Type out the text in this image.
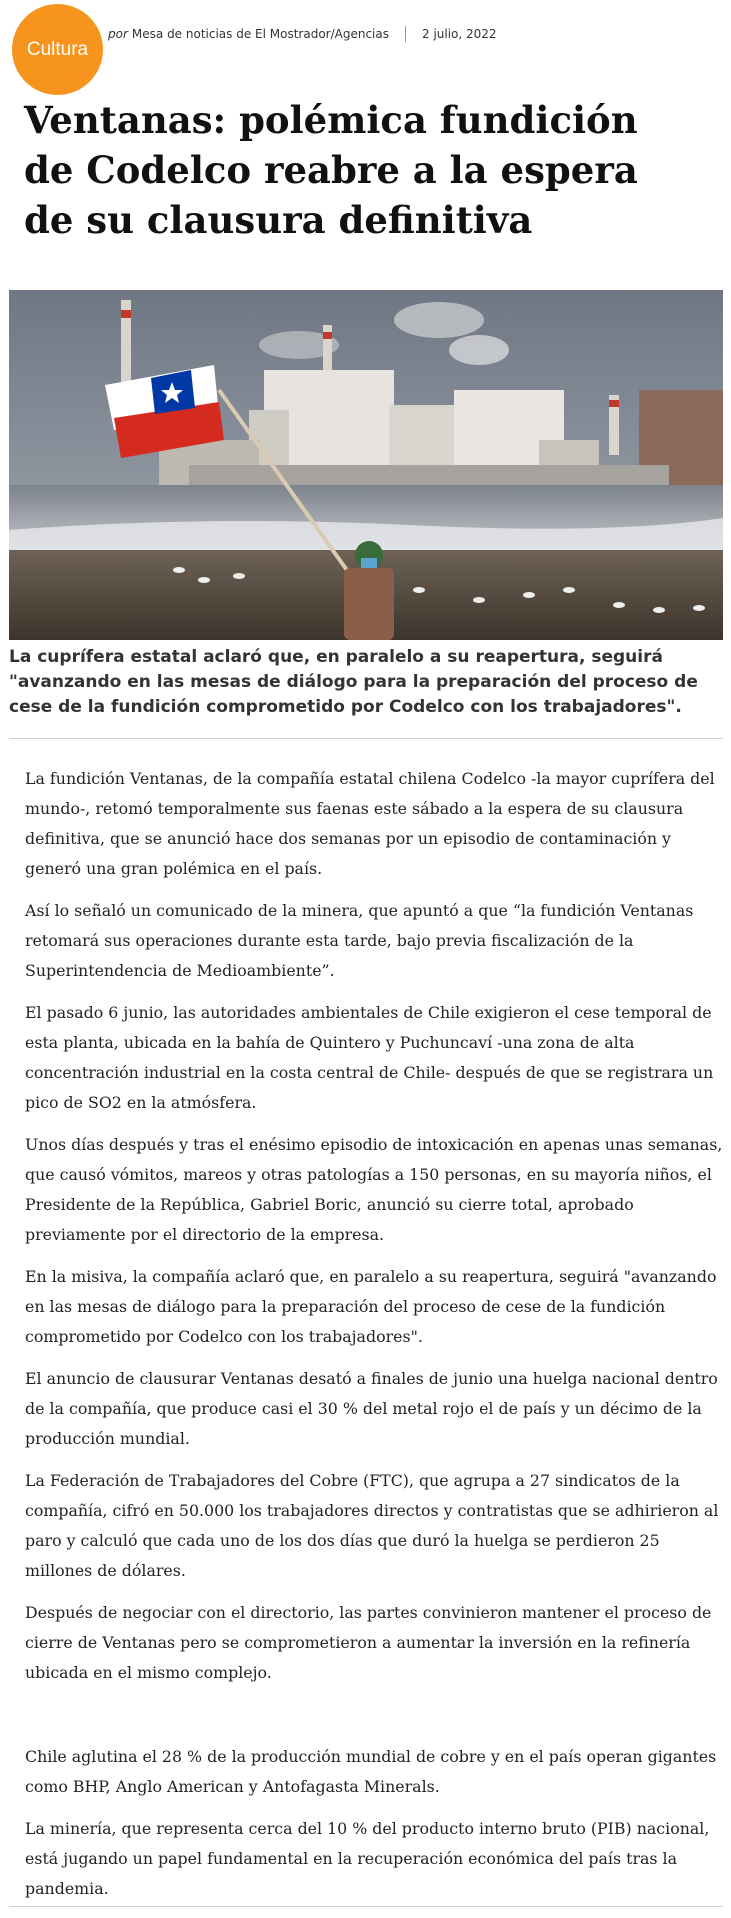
Cultura
por Mesa de noticias de El Mostrador/Agencias	2 julio, 2022
Ventanas: polémica fundición de Codelco reabre a la espera de su clausura definitiva

La cuprífera estatal aclaró que, en paralelo a su reapertura, seguirá "avanzando en las mesas de diálogo para la preparación del proceso de cese de la fundición comprometido por Codelco con los trabajadores".

La fundición Ventanas, de la compañía estatal chilena Codelco -la mayor cuprífera del mundo-, retomó temporalmente sus faenas este sábado a la espera de su clausura definitiva, que se anunció hace dos semanas por un episodio de contaminación y generó una gran polémica en el país.

Así lo señaló un comunicado de la minera, que apuntó a que “la fundición Ventanas retomará sus operaciones durante esta tarde, bajo previa fiscalización de la Superintendencia de Medioambiente”.

El pasado 6 junio, las autoridades ambientales de Chile exigieron el cese temporal de esta planta, ubicada en la bahía de Quintero y Puchuncaví -una zona de alta concentración industrial en la costa central de Chile- después de que se registrara un pico de SO2 en la atmósfera.

Unos días después y tras el enésimo episodio de intoxicación en apenas unas semanas, que causó vómitos, mareos y otras patologías a 150 personas, en su mayoría niños, el Presidente de la República, Gabriel Boric, anunció su cierre total, aprobado previamente por el directorio de la empresa.

En la misiva, la compañía aclaró que, en paralelo a su reapertura, seguirá "avanzando en las mesas de diálogo para la preparación del proceso de cese de la fundición comprometido por Codelco con los trabajadores".

El anuncio de clausurar Ventanas desató a finales de junio una huelga nacional dentro de la compañía, que produce casi el 30 % del metal rojo el de país y un décimo de la producción mundial.

La Federación de Trabajadores del Cobre (FTC), que agrupa a 27 sindicatos de la compañía, cifró en 50.000 los trabajadores directos y contratistas que se adhirieron al paro y calculó que cada uno de los dos días que duró la huelga se perdieron 25 millones de dólares.

Después de negociar con el directorio, las partes convinieron mantener el proceso de cierre de Ventanas pero se comprometieron a aumentar la inversión en la refinería ubicada en el mismo complejo.

Chile aglutina el 28 % de la producción mundial de cobre y en el país operan gigantes como BHP, Anglo American y Antofagasta Minerals.

La minería, que representa cerca del 10 % del producto interno bruto (PIB) nacional, está jugando un papel fundamental en la recuperación económica del país tras la pandemia.
